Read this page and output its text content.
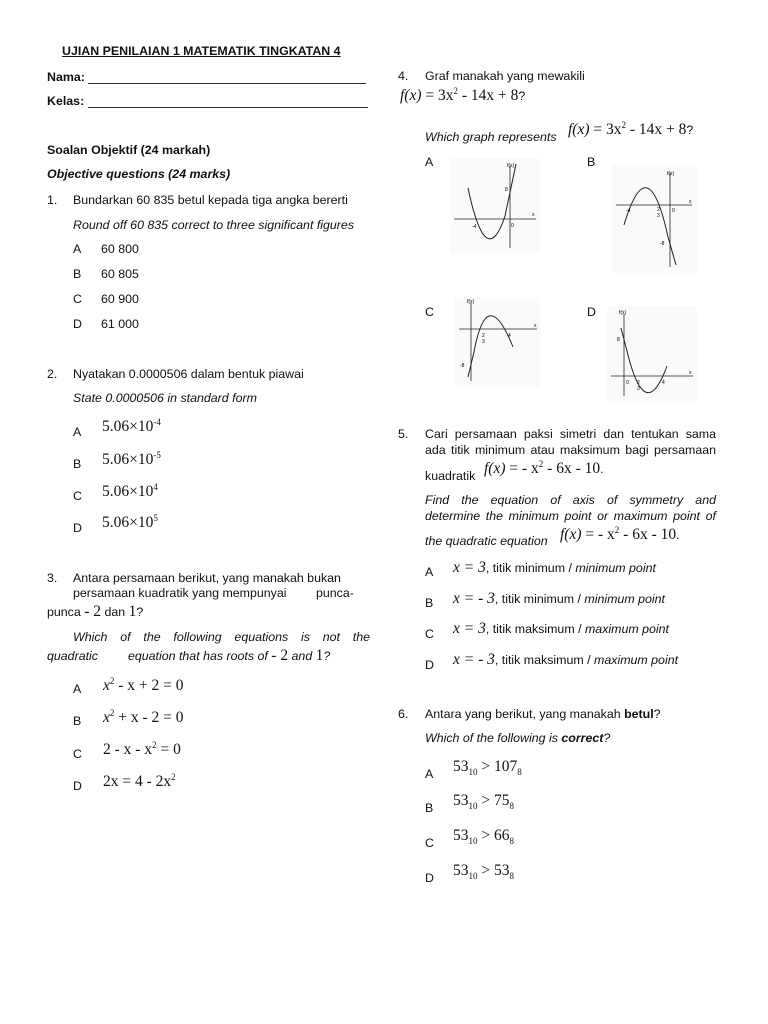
UJIAN PENILAIAN 1 MATEMATIK TINGKATAN 4
Nama:
Kelas:
Soalan Objektif (24 markah)
Objective questions (24 marks)
1. Bundarkan 60 835 betul kepada tiga angka bererti
Round off 60 835 correct to three significant figures
A 60 800
B 60 805
C 60 900
D 61 000
2. Nyatakan 0.0000506 dalam bentuk piawai
State 0.0000506 in standard form
A $5.06\times 10^{-4}$
B $5.06\times 10^{-5}$
C $5.06\times 10^4$
D $5.06\times 10^5$
3. Antara persamaan berikut, yang manakah bukan
persamaan kuadratik yang mempunyai punca-
punca - 2 dan 1?
Which of the following equations is not the
quadratic equation that has roots of - 2 and 1?
A $x^2 - x + 2 = 0$
B $x^2 + x - 2 = 0$
C $2 - x - x^2 = 0$
D $2x = 4 - 2x^2$
4. Graf manakah yang mewakili
$f(x) = 3x^2 - 14x + 8$?
Which graph represents $f(x) = 3x^2 - 14x + 8$?
A	B
C	D
f(x)
x
8
-4	0
f(x)
x
-4	2
3
0
-8
f(x)
x
-8
2
3
4
f(x)
x
8
0 2
3
4
5. Cari persamaan paksi simetri dan tentukan sama
ada titik minimum atau maksimum bagi persamaan
kuadratik f(x) = - $x^2 - 6x - 10$.
Find the equation of axis of symmetry and
determine the minimum point or maximum point of
the quadratic equation f(x) = - $x^2 - 6x - 10$.
A x = 3, titik minimum / minimum point
B x = - 3, titik minimum / minimum point
C x = 3, titik maksimum / maximum point
D x = - 3, titik maksimum / maximum point
6. Antara yang berikut, yang manakah betul?
Which of the following is correct?
A $53_{10} > 107_8$
B $53_{10} > 75_8$
C $53_{10} > 66_8$
D $53_{10} > 53_8$
